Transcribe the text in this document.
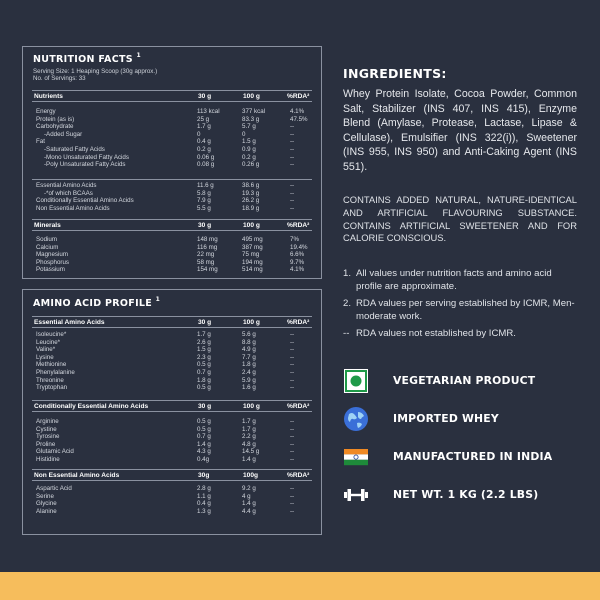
NUTRITION FACTS $^1$
Serving Size: 1 Heaping Scoop (30g approx.)
No. of Servings: 33
Nutrients	30 g	100 g	%RDA²
Energy	113 kcal	377 kcal	4.1%
Protein (as is)	25 g	83.3 g	47.5%
Carbohydrate	1.7 g	5.7 g	--
-Added Sugar	0	0	--
Fat	0.4 g	1.5 g	--
-Saturated Fatty Acids	0.2 g	0.9 g	--
-Mono Unsaturated Fatty Acids	0.06 g	0.2 g	--
-Poly Unsaturated Fatty Acids	0.08 g	0.26 g	--
Essential Amino Acids	11.6 g	38.6 g	--
-*of which BCAAs	5.8 g	19.3 g	--
Conditionally Essential Amino Acids	7.9 g	26.2 g	--
Non Essential Amino Acids	5.5 g	18.9 g	--
Minerals	30 g	100 g	%RDA²
Sodium	148 mg	495 mg	7%
Calcium	116 mg	387 mg	19.4%
Magnesium	22 mg	75 mg	6.6%
Phosphorus	58 mg	194 mg	9.7%
Potassium	154 mg	514 mg	4.1%
AMINO ACID PROFILE $^1$
Essential Amino Acids	30 g	100 g	%RDA²
Isoleucine*	1.7 g	5.6 g	--
Leucine*	2.6 g	8.8 g	--
Valine*	1.5 g	4.9 g	--
Lysine	2.3 g	7.7 g	--
Methionine	0.5 g	1.8 g	--
Phenylalanine	0.7 g	2.4 g	--
Threonine	1.8 g	5.9 g	--
Tryptophan	0.5 g	1.6 g	--
Conditionally Essential Amino Acids	30 g	100 g	%RDA²
Arginine	0.5 g	1.7 g	--
Cystine	0.5 g	1.7 g	--
Tyrosine	0.7 g	2.2 g	--
Proline	1.4 g	4.8 g	--
Glutamic Acid	4.3 g	14.5 g	--
Histidine	0.4g	1.4 g	--
Non Essential Amino Acids	30g	100g	%RDA²
Aspartic Acid	2.8 g	9.2 g	--
Serine	1.1 g	4 g	--
Glycine	0.4 g	1.4 g	--
Alanine	1.3 g	4.4 g	--
INGREDIENTS:
Whey Protein Isolate, Cocoa Powder, Common Salt, Stabilizer (INS 407, INS 415), Enzyme Blend (Amylase, Protease, Lactase, Lipase & Cellulase), Emulsifier (INS 322(i)), Sweetener (INS 955, INS 950) and Anti-Caking Agent (INS 551).
CONTAINS ADDED NATURAL, NATURE-IDENTICAL AND ARTIFICIAL FLAVOURING SUBSTANCE. CONTAINS ARTIFICIAL SWEETENER AND FOR CALORIE CONSCIOUS.
1. All values under nutrition facts and amino acid profile are approximate.
2. RDA values per serving established by ICMR, Men-moderate work.
-- RDA values not established by ICMR.
VEGETARIAN PRODUCT
IMPORTED WHEY
MANUFACTURED IN INDIA
NET WT. 1 KG (2.2 LBS)
